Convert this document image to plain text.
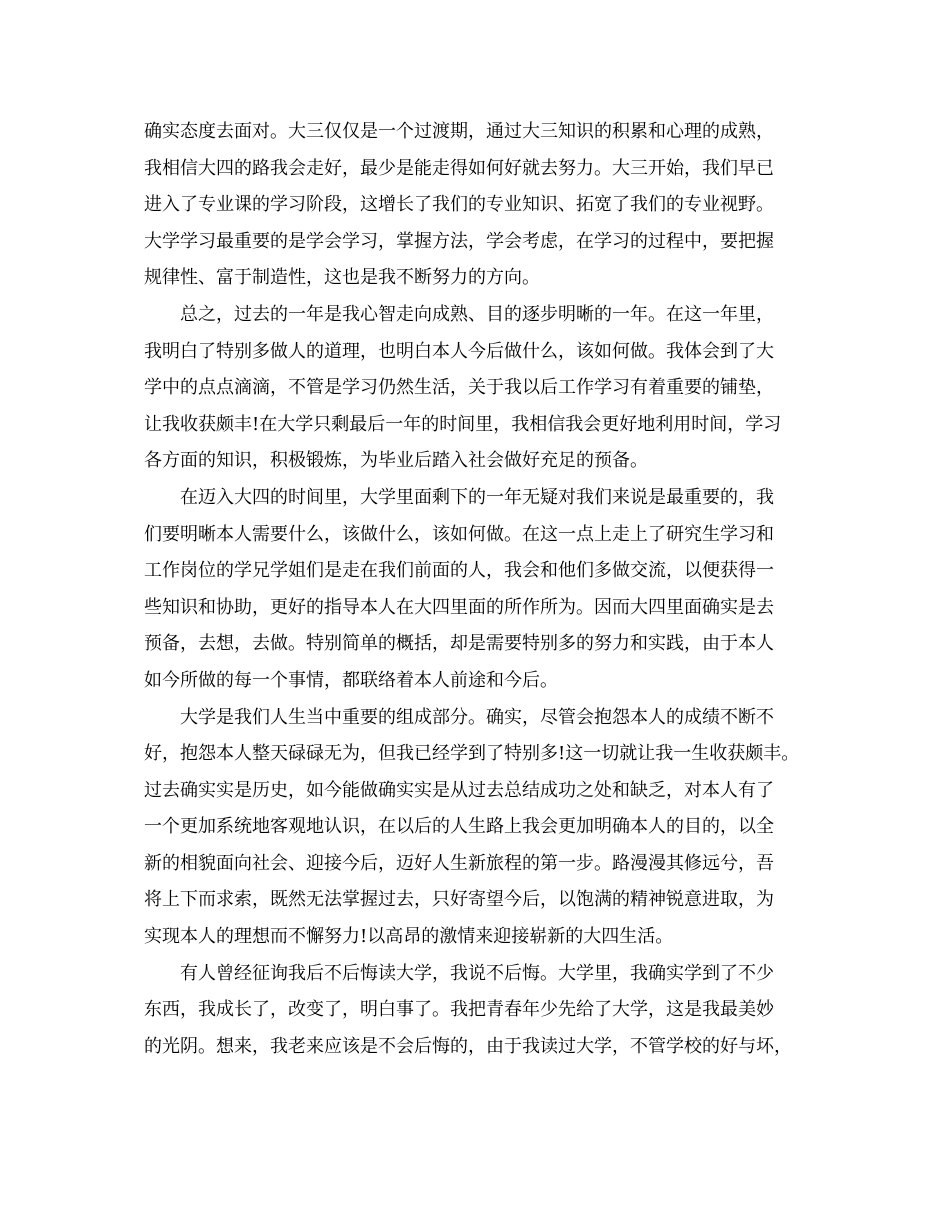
确实态度去面对。大三仅仅是一个过渡期，通过大三知识的积累和心理的成熟，
我相信大四的路我会走好，最少是能走得如何好就去努力。大三开始，我们早已
进入了专业课的学习阶段，这增长了我们的专业知识、拓宽了我们的专业视野。
大学学习最重要的是学会学习，掌握方法，学会考虑，在学习的过程中，要把握
规律性、富于制造性，这也是我不断努力的方向。
总之，过去的一年是我心智走向成熟、目的逐步明晰的一年。在这一年里，
我明白了特别多做人的道理，也明白本人今后做什么，该如何做。我体会到了大
学中的点点滴滴，不管是学习仍然生活，关于我以后工作学习有着重要的铺垫，
让我收获颇丰!在大学只剩最后一年的时间里，我相信我会更好地利用时间，学习
各方面的知识，积极锻炼，为毕业后踏入社会做好充足的预备。
在迈入大四的时间里，大学里面剩下的一年无疑对我们来说是最重要的，我
们要明晰本人需要什么，该做什么，该如何做。在这一点上走上了研究生学习和
工作岗位的学兄学姐们是走在我们前面的人，我会和他们多做交流，以便获得一
些知识和协助，更好的指导本人在大四里面的所作所为。因而大四里面确实是去
预备，去想，去做。特别简单的概括，却是需要特别多的努力和实践，由于本人
如今所做的每一个事情，都联络着本人前途和今后。
大学是我们人生当中重要的组成部分。确实，尽管会抱怨本人的成绩不断不
好，抱怨本人整天碌碌无为，但我已经学到了特别多!这一切就让我一生收获颇丰。
过去确实实是历史，如今能做确实实是从过去总结成功之处和缺乏，对本人有了
一个更加系统地客观地认识，在以后的人生路上我会更加明确本人的目的，以全
新的相貌面向社会、迎接今后，迈好人生新旅程的第一步。路漫漫其修远兮，吾
将上下而求索，既然无法掌握过去，只好寄望今后，以饱满的精神锐意进取，为
实现本人的理想而不懈努力!以高昂的激情来迎接崭新的大四生活。
有人曾经征询我后不后悔读大学，我说不后悔。大学里，我确实学到了不少
东西，我成长了，改变了，明白事了。我把青春年少先给了大学，这是我最美妙
的光阴。想来，我老来应该是不会后悔的，由于我读过大学，不管学校的好与坏，
